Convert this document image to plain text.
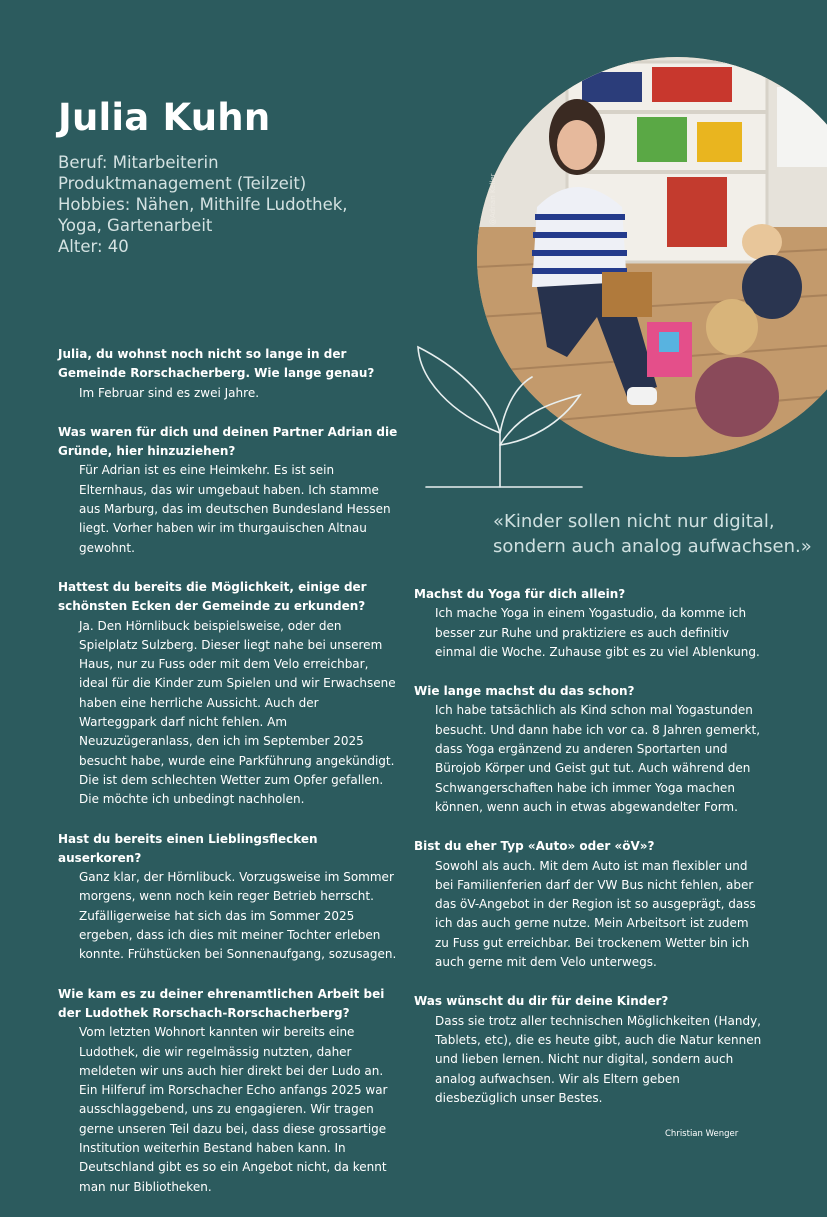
Julia Kuhn
Beruf: Mitarbeiterin
Produktmanagement (Teilzeit)
Hobbies: Nähen, Mithilfe Ludothek,
Yoga, Gartenarbeit
Alter: 40
@Adrian Keller
«Kinder sollen nicht nur digital,
sondern auch analog aufwachsen.»

Julia, du wohnst noch nicht so lange in der Gemeinde Rorschacherberg. Wie lange genau?

Im Februar sind es zwei Jahre.

Was waren für dich und deinen Partner Adrian die Gründe, hier hinzuziehen?

Für Adrian ist es eine Heimkehr. Es ist sein Elternhaus, das wir umgebaut haben. Ich stamme aus Marburg, das im deutschen Bundesland Hessen liegt. Vorher haben wir im thurgauischen Altnau gewohnt.

Hattest du bereits die Möglichkeit, einige der schönsten Ecken der Gemeinde zu erkunden?

Ja. Den Hörnlibuck beispielsweise, oder den Spielplatz Sulzberg. Dieser liegt nahe bei unserem Haus, nur zu Fuss oder mit dem Velo erreichbar, ideal für die Kinder zum Spielen und wir Erwachsene haben eine herrliche Aussicht. Auch der Warteggpark darf nicht fehlen. Am Neuzuzügeranlass, den ich im September 2025 besucht habe, wurde eine Parkführung angekündigt. Die ist dem schlechten Wetter zum Opfer gefallen. Die möchte ich unbedingt nachholen.

Hast du bereits einen Lieblingsflecken auserkoren?

Ganz klar, der Hörnlibuck. Vorzugsweise im Sommer morgens, wenn noch kein reger Betrieb herrscht. Zufälligerweise hat sich das im Sommer 2025 ergeben, dass ich dies mit meiner Tochter erleben konnte. Frühstücken bei Sonnenaufgang, sozusagen.

Wie kam es zu deiner ehrenamtlichen Arbeit bei der Ludothek Rorschach-Rorschacherberg?

Vom letzten Wohnort kannten wir bereits eine Ludothek, die wir regelmässig nutzten, daher meldeten wir uns auch hier direkt bei der Ludo an. Ein Hilferuf im Rorschacher Echo anfangs 2025 war ausschlaggebend, uns zu engagieren. Wir tragen gerne unseren Teil dazu bei, dass diese grossartige Institution weiterhin Bestand haben kann. In Deutschland gibt es so ein Angebot nicht, da kennt man nur Bibliotheken.

Machst du Yoga für dich allein?

Ich mache Yoga in einem Yogastudio, da komme ich besser zur Ruhe und praktiziere es auch definitiv einmal die Woche. Zuhause gibt es zu viel Ablenkung.

Wie lange machst du das schon?

Ich habe tatsächlich als Kind schon mal Yogastunden besucht. Und dann habe ich vor ca. 8 Jahren gemerkt, dass Yoga ergänzend zu anderen Sportarten und Bürojob Körper und Geist gut tut. Auch während den Schwangerschaften habe ich immer Yoga machen können, wenn auch in etwas abgewandelter Form.

Bist du eher Typ «Auto» oder «öV»?

Sowohl als auch. Mit dem Auto ist man flexibler und bei Familienferien darf der VW Bus nicht fehlen, aber das öV-Angebot in der Region ist so ausgeprägt, dass ich das auch gerne nutze. Mein Arbeitsort ist zudem zu Fuss gut erreichbar. Bei trockenem Wetter bin ich auch gerne mit dem Velo unterwegs.

Was wünscht du dir für deine Kinder?

Dass sie trotz aller technischen Möglichkeiten (Handy, Tablets, etc), die es heute gibt, auch die Natur kennen und lieben lernen. Nicht nur digital, sondern auch analog aufwachsen. Wir als Eltern geben diesbezüglich unser Bestes.

Christian Wenger
